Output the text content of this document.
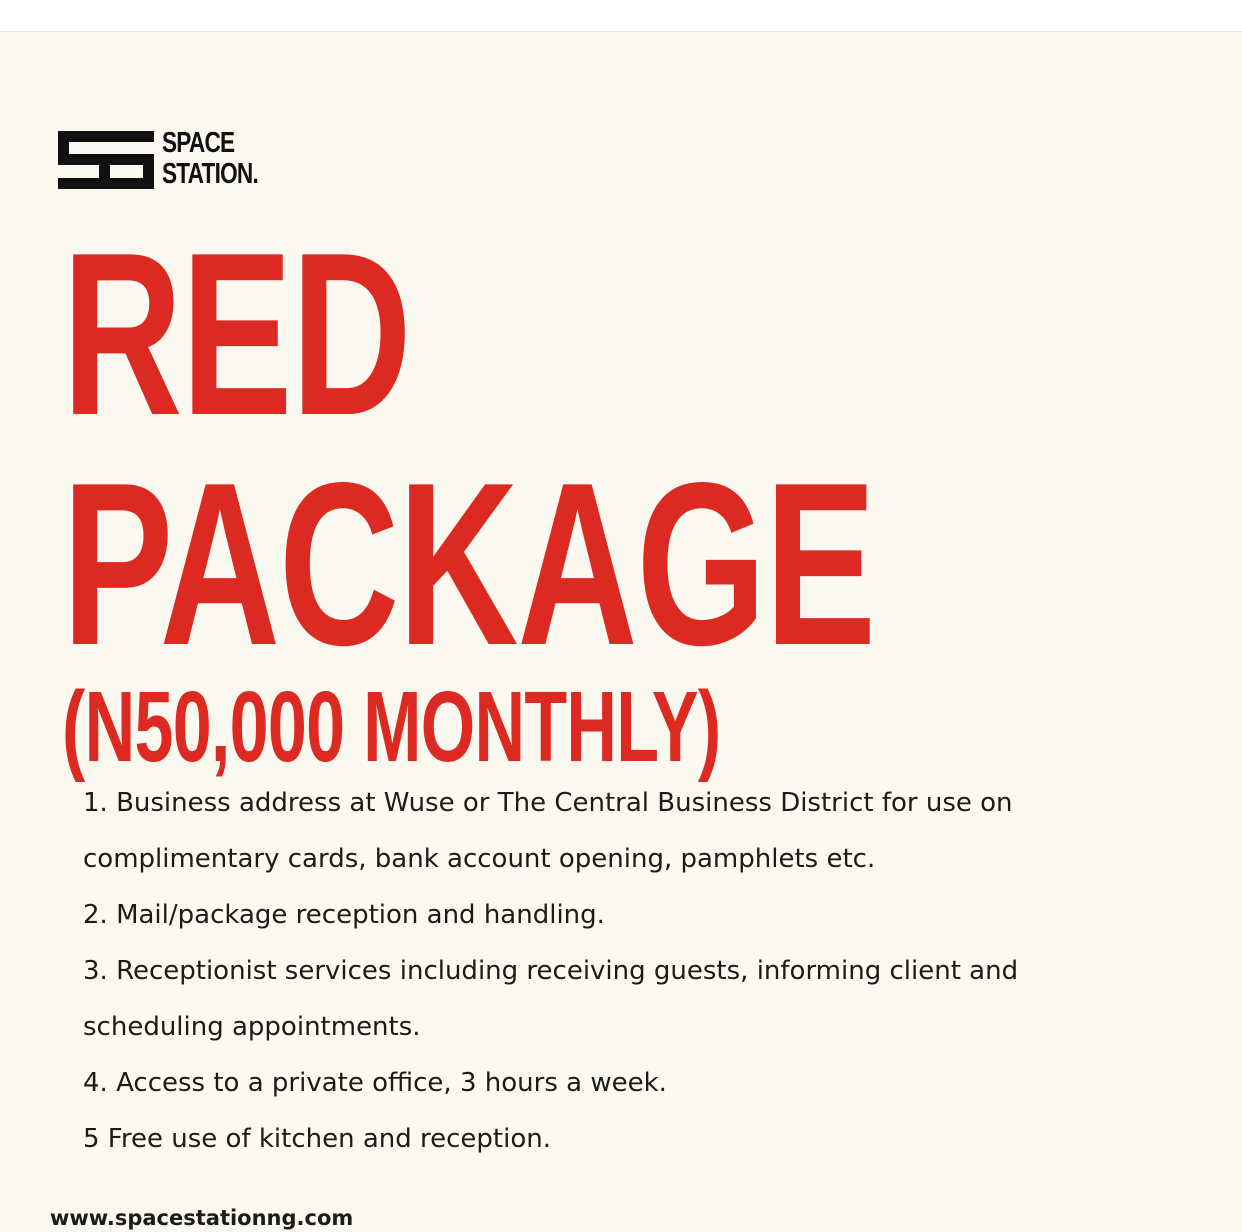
SPACE
STATION.
RED
PACKAGE
(N50,000 MONTHLY)
1. Business address at Wuse or The Central Business District for use on
complimentary cards, bank account opening, pamphlets etc.
2. Mail/package reception and handling.
3. Receptionist services including receiving guests, informing client and
scheduling appointments.
4. Access to a private office, 3 hours a week.
5 Free use of kitchen and reception.
www.spacestationng.com
